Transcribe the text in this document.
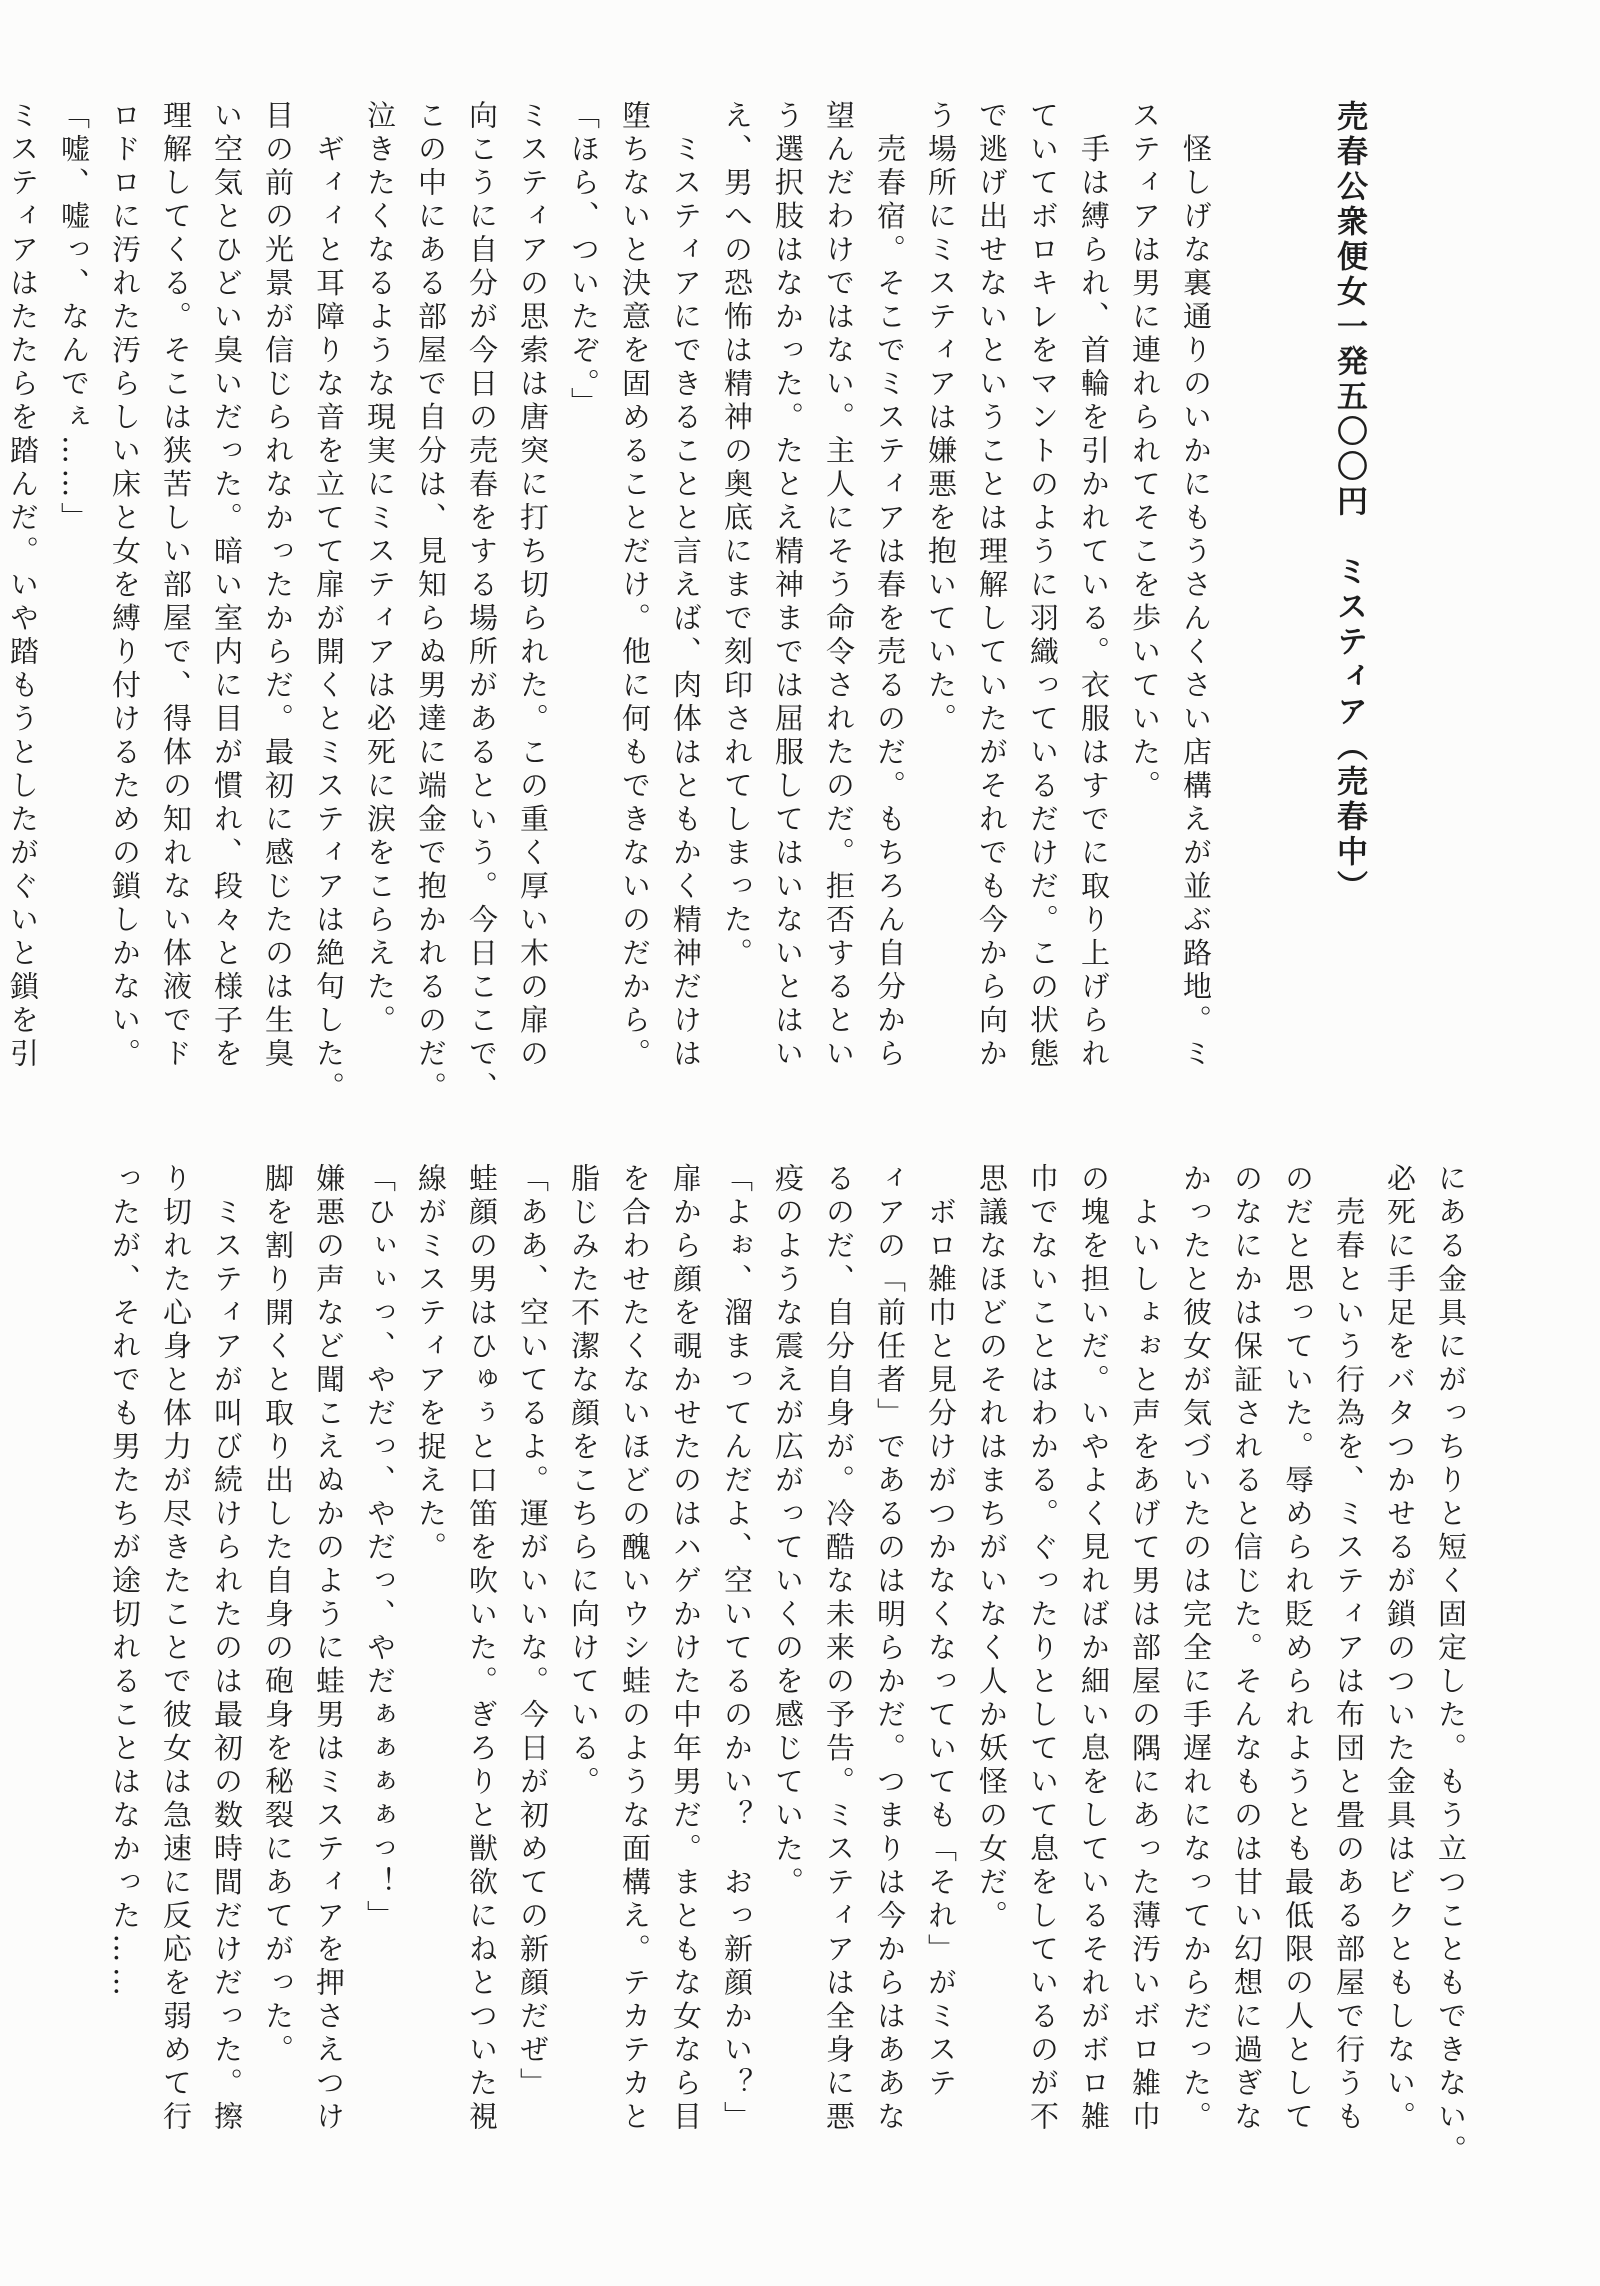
売春公衆便女一発五〇〇円　ミスティア（売春中）

　怪しげな裏通りのいかにもうさんくさい店構えが並ぶ路地。ミ
スティアは男に連れられてそこを歩いていた。
　手は縛られ、首輪を引かれている。衣服はすでに取り上げられ
ていてボロキレをマントのように羽織っているだけだ。この状態
で逃げ出せないということは理解していたがそれでも今から向か
う場所にミスティアは嫌悪を抱いていた。
　売春宿。そこでミスティアは春を売るのだ。もちろん自分から
望んだわけではない。主人にそう命令されたのだ。拒否するとい
う選択肢はなかった。たとえ精神までは屈服してはいないとはい
え、男への恐怖は精神の奥底にまで刻印されてしまった。
　ミスティアにできることと言えば、肉体はともかく精神だけは
堕ちないと決意を固めることだけ。他に何もできないのだから。
「ほら、ついたぞ。」
ミスティアの思索は唐突に打ち切られた。この重く厚い木の扉の
向こうに自分が今日の売春をする場所があるという。今日ここで、
この中にある部屋で自分は、見知らぬ男達に端金で抱かれるのだ。
泣きたくなるような現実にミスティアは必死に涙をこらえた。
　ギィィと耳障りな音を立てて扉が開くとミスティアは絶句した。
目の前の光景が信じられなかったからだ。最初に感じたのは生臭
い空気とひどい臭いだった。暗い室内に目が慣れ、段々と様子を
理解してくる。そこは狭苦しい部屋で、得体の知れない体液でド
ロドロに汚れた汚らしい床と女を縛り付けるための鎖しかない。
「嘘、嘘っ、なんでぇ……」
ミスティアはたたらを踏んだ。いや踏もうとしたがぐいと鎖を引
にある金具にがっちりと短く固定した。もう立つこともできない。
必死に手足をバタつかせるが鎖のついた金具はビクともしない。
　売春という行為を、ミスティアは布団と畳のある部屋で行うも
のだと思っていた。辱められ貶められようとも最低限の人として
のなにかは保証されると信じた。そんなものは甘い幻想に過ぎな
かったと彼女が気づいたのは完全に手遅れになってからだった。
　よいしょぉと声をあげて男は部屋の隅にあった薄汚いボロ雑巾
の塊を担いだ。いやよく見ればか細い息をしているそれがボロ雑
巾でないことはわかる。ぐったりとしていて息をしているのが不
思議なほどのそれはまちがいなく人か妖怪の女だ。
　ボロ雑巾と見分けがつかなくなっていても「それ」がミステ
ィアの「前任者」であるのは明らかだ。つまりは今からはああな
るのだ、自分自身が。冷酷な未来の予告。ミスティアは全身に悪
疫のような震えが広がっていくのを感じていた。
「よぉ、溜まってんだよ、空いてるのかい？　おっ新顔かい？」
扉から顔を覗かせたのはハゲかけた中年男だ。まともな女なら目
を合わせたくないほどの醜いウシ蛙のような面構え。テカテカと
脂じみた不潔な顔をこちらに向けている。
「ああ、空いてるよ。運がいいな。今日が初めての新顔だぜ」
蛙顔の男はひゅぅと口笛を吹いた。ぎろりと獣欲にねとついた視
線がミスティアを捉えた。
「ひぃぃっ、やだっ、やだっ、やだぁぁぁぁっ！」
嫌悪の声など聞こえぬかのように蛙男はミスティアを押さえつけ
脚を割り開くと取り出した自身の砲身を秘裂にあてがった。
　ミスティアが叫び続けられたのは最初の数時間だけだった。擦
り切れた心身と体力が尽きたことで彼女は急速に反応を弱めて行
ったが、それでも男たちが途切れることはなかった……
